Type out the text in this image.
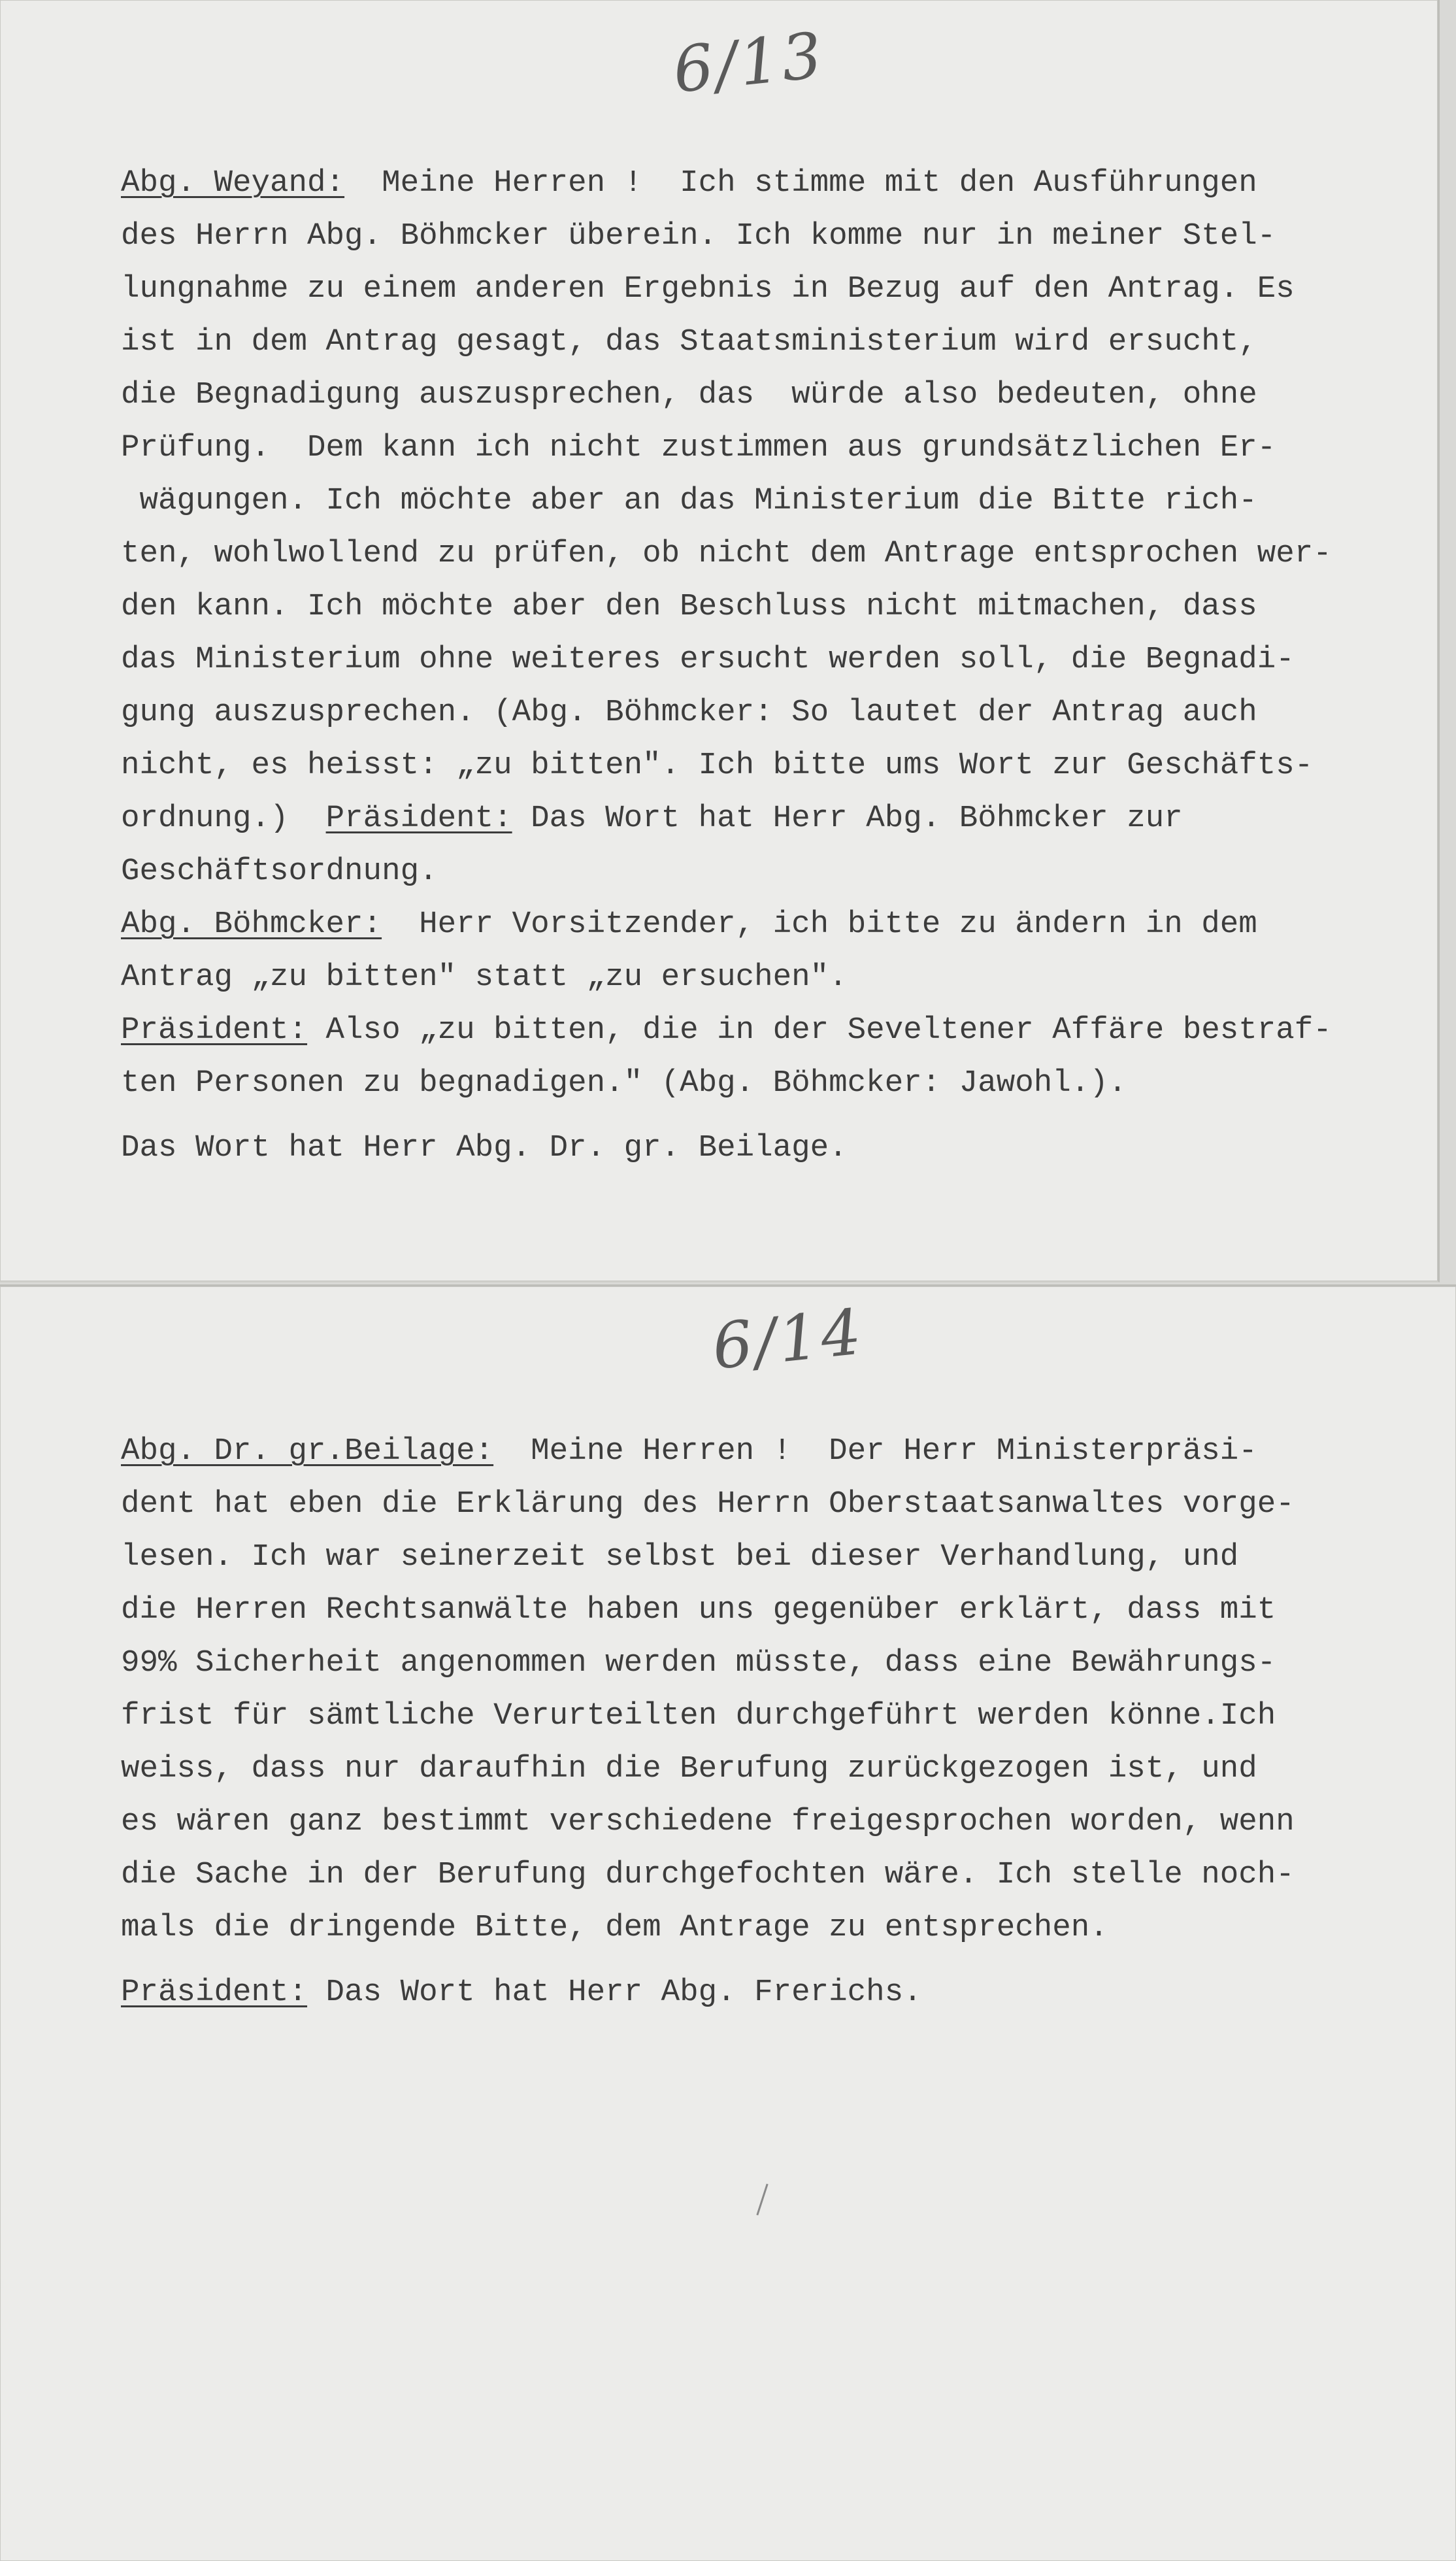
6/13

Abg. Weyand:  Meine Herren !  Ich stimme mit den Ausführungen
des Herrn Abg. Böhmcker überein. Ich komme nur in meiner Stel-
lungnahme zu einem anderen Ergebnis in Bezug auf den Antrag. Es
ist in dem Antrag gesagt, das Staatsministerium wird ersucht,
die Begnadigung auszusprechen, das  würde also bedeuten, ohne
Prüfung.  Dem kann ich nicht zustimmen aus grundsätzlichen Er-
wägungen. Ich möchte aber an das Ministerium die Bitte rich-
ten, wohlwollend zu prüfen, ob nicht dem Antrage entsprochen wer-
den kann. Ich möchte aber den Beschluss nicht mitmachen, dass
das Ministerium ohne weiteres ersucht werden soll, die Begnadi-
gung auszusprechen. (Abg. Böhmcker: So lautet der Antrag auch
nicht, es heisst: „zu bitten". Ich bitte ums Wort zur Geschäfts-
ordnung.)  Präsident: Das Wort hat Herr Abg. Böhmcker zur
Geschäftsordnung.

Abg. Böhmcker:  Herr Vorsitzender, ich bitte zu ändern in dem
Antrag „zu bitten" statt „zu ersuchen".

Präsident: Also „zu bitten, die in der Seveltener Affäre bestraf-
ten Personen zu begnadigen." (Abg. Böhmcker: Jawohl.).

Das Wort hat Herr Abg. Dr. gr. Beilage.

6/14

Abg. Dr. gr.Beilage:  Meine Herren !  Der Herr Ministerpräsi-
dent hat eben die Erklärung des Herrn Oberstaatsanwaltes vorge-
lesen. Ich war seinerzeit selbst bei dieser Verhandlung, und
die Herren Rechtsanwälte haben uns gegenüber erklärt, dass mit
99% Sicherheit angenommen werden müsste, dass eine Bewährungs-
frist für sämtliche Verurteilten durchgeführt werden könne.Ich
weiss, dass nur daraufhin die Berufung zurückgezogen ist, und
es wären ganz bestimmt verschiedene freigesprochen worden, wenn
die Sache in der Berufung durchgefochten wäre. Ich stelle noch-
mals die dringende Bitte, dem Antrage zu entsprechen.

Präsident: Das Wort hat Herr Abg. Frerichs.
